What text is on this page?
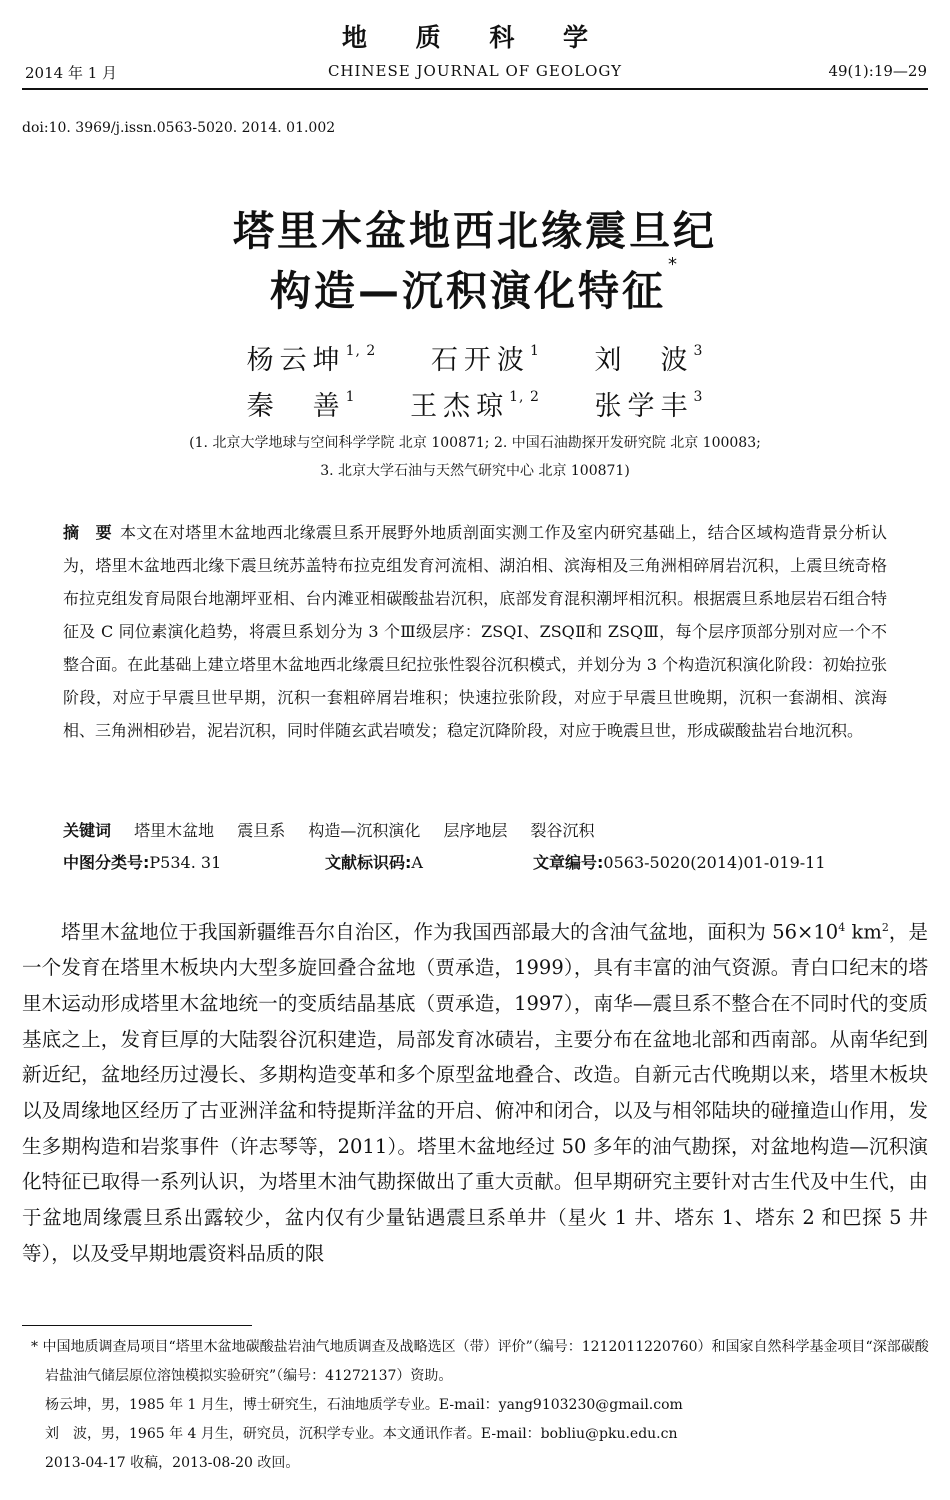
地 质 科 学
2014 年 1 月	CHINESE JOURNAL OF GEOLOGY	49(1):19—29
doi:10. 3969/j.issn.0563-5020. 2014. 01.002
塔里木盆地西北缘震旦纪
构造—沉积演化特征*
杨云坤$^{1, 2}$ 石开波$^1$ 刘　波$^3$
秦　善$^1$ 王杰琼$^{1, 2}$ 张学丰$^3$
(1. 北京大学地球与空间科学学院 北京 100871; 2. 中国石油勘探开发研究院 北京 100083;
3. 北京大学石油与天然气研究中心 北京 100871)
摘　要 本文在对塔里木盆地西北缘震旦系开展野外地质剖面实测工作及室内研究基础上，结合区域构造背景分析认为，塔里木盆地西北缘下震旦统苏盖特布拉克组发育河流相、湖泊相、滨海相及三角洲相碎屑岩沉积，上震旦统奇格布拉克组发育局限台地潮坪亚相、台内滩亚相碳酸盐岩沉积，底部发育混积潮坪相沉积。根据震旦系地层岩石组合特征及 C 同位素演化趋势，将震旦系划分为 3 个Ⅲ级层序：ZSQⅠ、ZSQⅡ和 ZSQⅢ，每个层序顶部分别对应一个不整合面。在此基础上建立塔里木盆地西北缘震旦纪拉张性裂谷沉积模式，并划分为 3 个构造沉积演化阶段：初始拉张阶段，对应于早震旦世早期，沉积一套粗碎屑岩堆积；快速拉张阶段，对应于早震旦世晚期，沉积一套湖相、滨海相、三角洲相砂岩，泥岩沉积，同时伴随玄武岩喷发；稳定沉降阶段，对应于晚震旦世，形成碳酸盐岩台地沉积。
关键词 塔里木盆地 震旦系 构造—沉积演化 层序地层 裂谷沉积
中图分类号:P534. 31	文献标识码:A	文章编号:0563-5020(2014)01-019-11
塔里木盆地位于我国新疆维吾尔自治区，作为我国西部最大的含油气盆地，面积为 $56\times 10^4$ $km^2$，是一个发育在塔里木板块内大型多旋回叠合盆地（贾承造，1999），具有丰富的油气资源。青白口纪末的塔里木运动形成塔里木盆地统一的变质结晶基底（贾承造，1997），南华—震旦系不整合在不同时代的变质基底之上，发育巨厚的大陆裂谷沉积建造，局部发育冰碛岩，主要分布在盆地北部和西南部。从南华纪到新近纪，盆地经历过漫长、多期构造变革和多个原型盆地叠合、改造。自新元古代晚期以来，塔里木板块以及周缘地区经历了古亚洲洋盆和特提斯洋盆的开启、俯冲和闭合，以及与相邻陆块的碰撞造山作用，发生多期构造和岩浆事件（许志琴等，2011）。塔里木盆地经过 50 多年的油气勘探，对盆地构造—沉积演化特征已取得一系列认识，为塔里木油气勘探做出了重大贡献。但早期研究主要针对古生代及中生代，由于盆地周缘震旦系出露较少，盆内仅有少量钻遇震旦系单井（星火 1 井、塔东 1、塔东 2 和巴探 5 井等），以及受早期地震资料品质的限
* 中国地质调查局项目“塔里木盆地碳酸盐岩油气地质调查及战略选区（带）评价”（编号：1212011220760）和国家自然科学基金项目“深部碳酸岩盐油气储层原位溶蚀模拟实验研究”（编号：41272137）资助。
杨云坤，男，1985 年 1 月生，博士研究生，石油地质学专业。E-mail：yang9103230@gmail.com
刘　波，男，1965 年 4 月生，研究员，沉积学专业。本文通讯作者。E-mail：bobliu@pku.edu.cn
2013-04-17 收稿，2013-08-20 改回。
